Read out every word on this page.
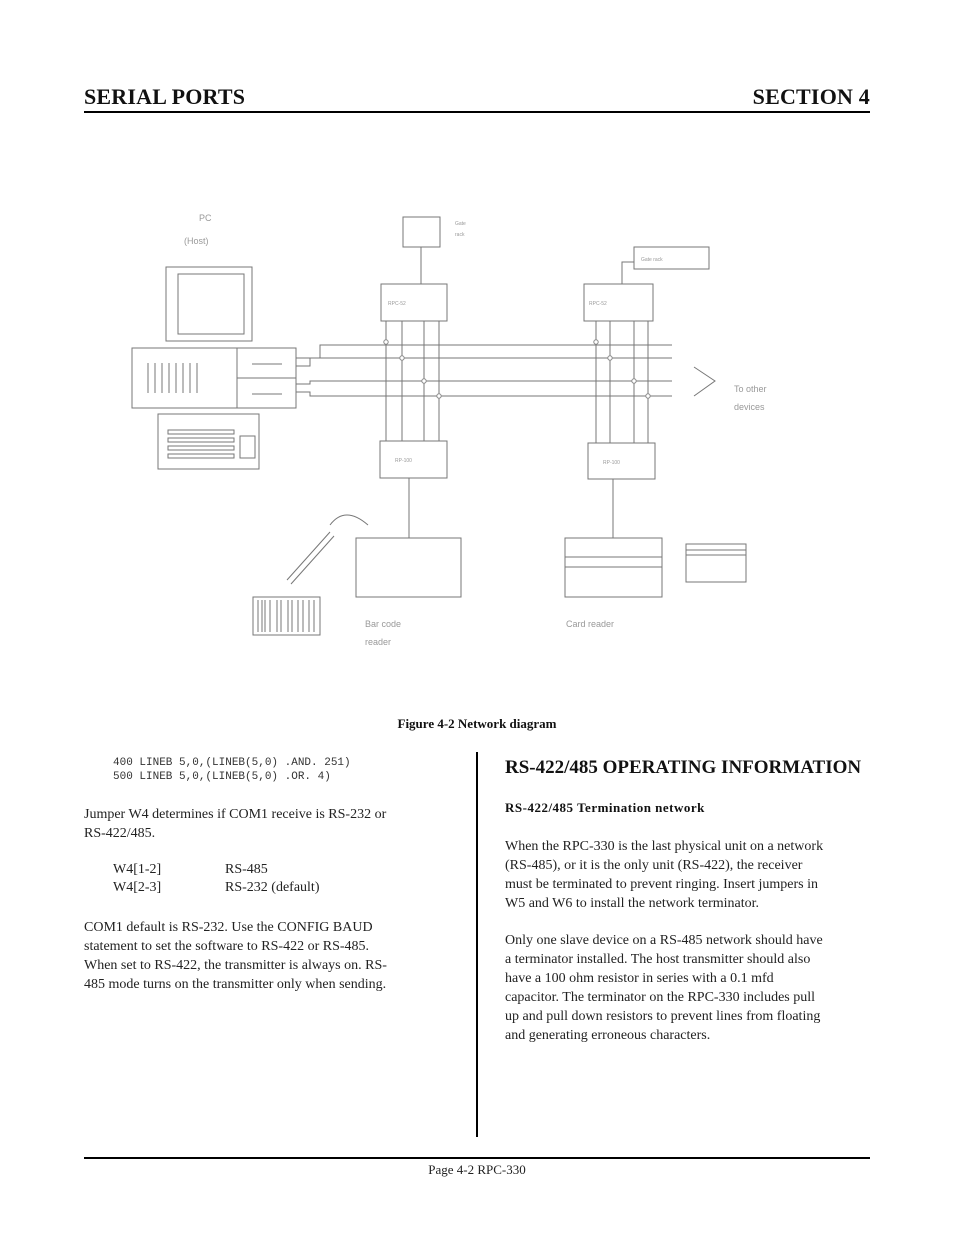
SERIAL PORTS	SECTION 4
PC
(Host)
Gate
rack
Gate rack
RPC-52	RPC-52
RP-100	RP-100
To other
devices
Bar code
reader
Card reader
Figure 4-2 Network diagram
400 LINEB 5,0,(LINEB(5,0) .AND. 251)
500 LINEB 5,0,(LINEB(5,0) .OR. 4)
Jumper W4 determines if COM1 receive is RS-232 or
RS-422/485.
W4[1-2]	RS-485
W4[2-3]	RS-232 (default)
COM1 default is RS-232. Use the CONFIG BAUD
statement to set the software to RS-422 or RS-485.
When set to RS-422, the transmitter is always on. RS-
485 mode turns on the transmitter only when sending.
RS-422/485 OPERATING INFORMATION
RS-422/485 Termination network
When the RPC-330 is the last physical unit on a network
(RS-485), or it is the only unit (RS-422), the receiver
must be terminated to prevent ringing. Insert jumpers in
W5 and W6 to install the network terminator.
Only one slave device on a RS-485 network should have
a terminator installed. The host transmitter should also
have a 100 ohm resistor in series with a 0.1 mfd
capacitor. The terminator on the RPC-330 includes pull
up and pull down resistors to prevent lines from floating
and generating erroneous characters.
Page 4-2 RPC-330
